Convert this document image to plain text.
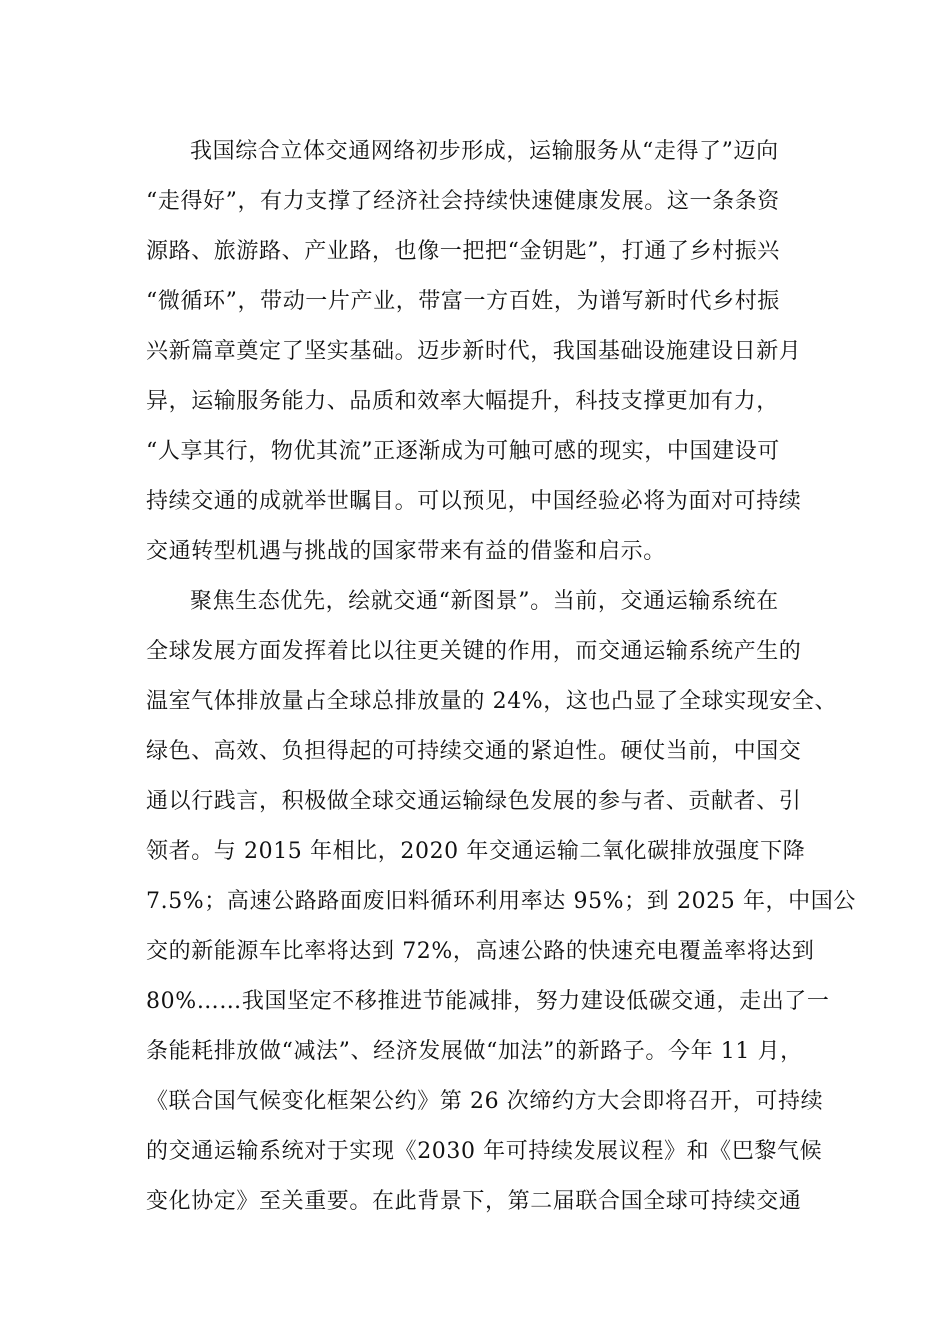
我国综合立体交通网络初步形成，运输服务从“走得了”迈向
“走得好”，有力支撑了经济社会持续快速健康发展。这一条条资
源路、旅游路、产业路，也像一把把“金钥匙”，打通了乡村振兴
“微循环”，带动一片产业，带富一方百姓，为谱写新时代乡村振
兴新篇章奠定了坚实基础。迈步新时代，我国基础设施建设日新月
异，运输服务能力、品质和效率大幅提升，科技支撑更加有力，
“人享其行，物优其流”正逐渐成为可触可感的现实，中国建设可
持续交通的成就举世瞩目。可以预见，中国经验必将为面对可持续
交通转型机遇与挑战的国家带来有益的借鉴和启示。
聚焦生态优先，绘就交通“新图景”。当前，交通运输系统在
全球发展方面发挥着比以往更关键的作用，而交通运输系统产生的
温室气体排放量占全球总排放量的 24%，这也凸显了全球实现安全、
绿色、高效、负担得起的可持续交通的紧迫性。硬仗当前，中国交
通以行践言，积极做全球交通运输绿色发展的参与者、贡献者、引
领者。与 2015 年相比，2020 年交通运输二氧化碳排放强度下降
7.5%；高速公路路面废旧料循环利用率达 95%；到 2025 年，中国公
交的新能源车比率将达到 72%，高速公路的快速充电覆盖率将达到
80%……我国坚定不移推进节能减排，努力建设低碳交通，走出了一
条能耗排放做“减法”、经济发展做“加法”的新路子。今年 11 月，
《联合国气候变化框架公约》第 26 次缔约方大会即将召开，可持续
的交通运输系统对于实现《2030 年可持续发展议程》和《巴黎气候
变化协定》至关重要。在此背景下，第二届联合国全球可持续交通
